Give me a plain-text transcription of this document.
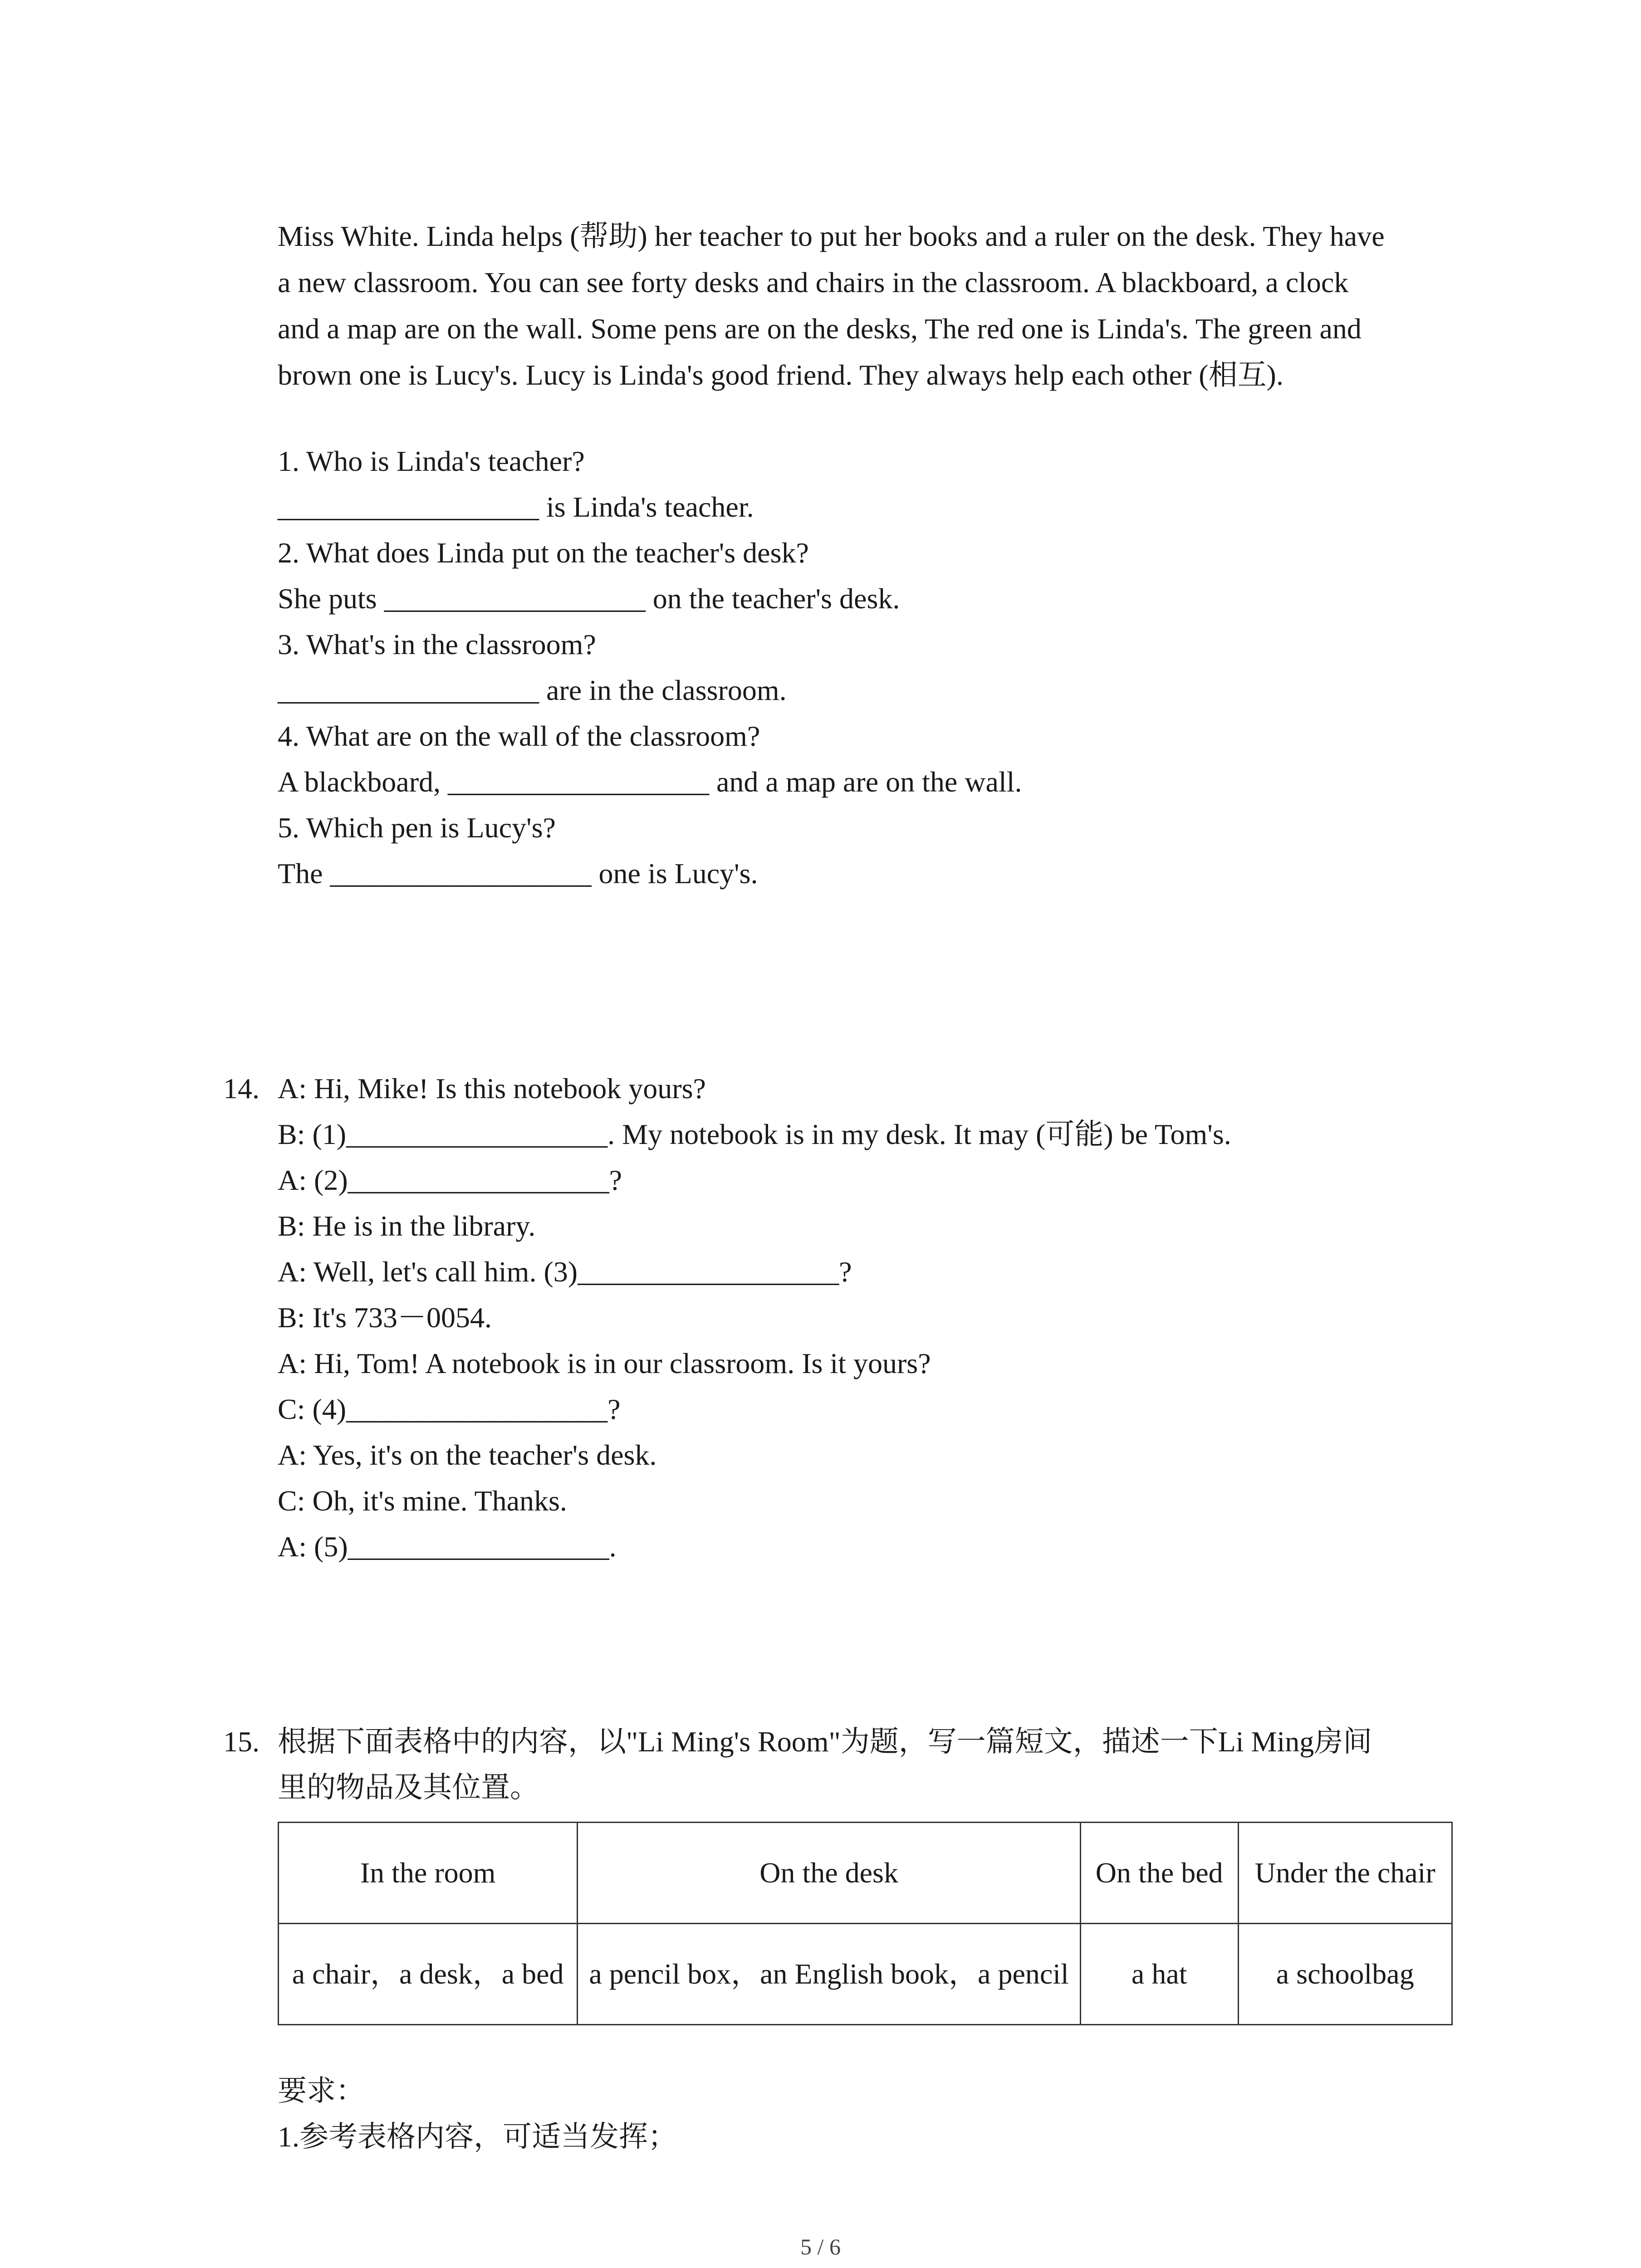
Miss White. Linda helps (帮助) her teacher to put her books and a ruler on the desk. They have

a new classroom. You can see forty desks and chairs in the classroom. A blackboard, a clock

and a map are on the wall. Some pens are on the desks, The red one is Linda's. The green and

brown one is Lucy's. Lucy is Linda's good friend. They always help each other (相互).

1. Who is Linda's teacher?
__________________ is Linda's teacher.
2. What does Linda put on the teacher's desk?
She puts __________________ on the teacher's desk.
3. What's in the classroom?
__________________ are in the classroom.
4. What are on the wall of the classroom?
A blackboard, __________________ and a map are on the wall.
5. Which pen is Lucy's?
The __________________ one is Lucy's.
14. A: Hi, Mike! Is this notebook yours?
B: (1)__________________. My notebook is in my desk. It may (可能) be Tom's.
A: (2)__________________?
B: He is in the library.
A: Well, let's call him. (3)__________________?
B: It's 733－0054.
A: Hi, Tom! A notebook is in our classroom. Is it yours?
C: (4)__________________?
A: Yes, it's on the teacher's desk.
C: Oh, it's mine. Thanks.
A: (5)__________________.
15. 根据下面表格中的内容，以"Li Ming's Room"为题，写一篇短文，描述一下Li Ming房间
里的物品及其位置。
In the room	On the desk	On the bed	Under the chair
a chair，a desk，a bed	a pencil box，an English book，a pencil	a hat	a schoolbag
要求：
1.参考表格内容，可适当发挥；
5 / 6
